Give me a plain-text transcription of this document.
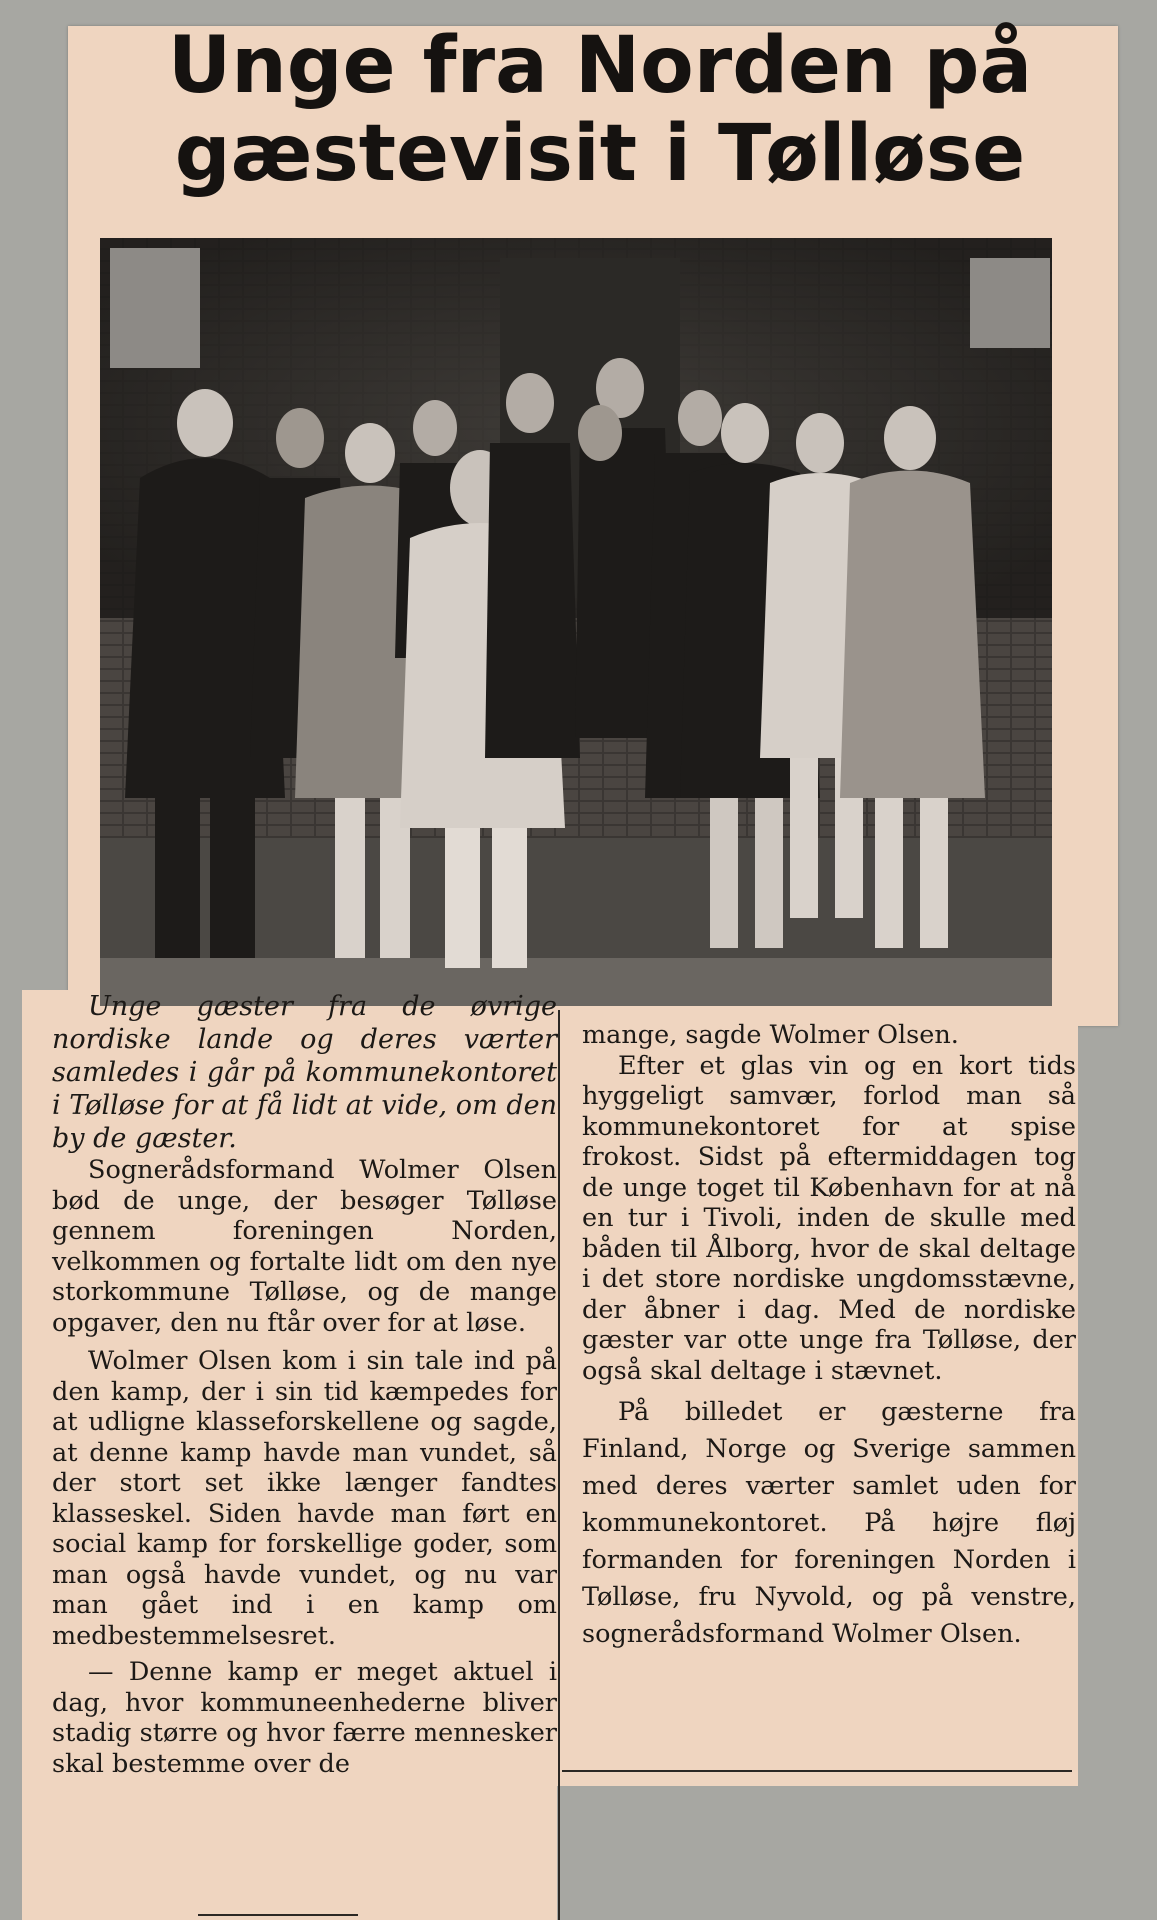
Unge fra Norden på
gæstevisit i Tølløse

Unge gæster fra de øvrige nordiske lande og deres værter samledes i går på kommunekontoret i Tølløse for at få lidt at vide, om den by de gæster.

Sognerådsformand Wolmer Olsen bød de unge, der besøger Tølløse gennem foreningen Norden, velkommen og fortalte lidt om den nye storkommune Tølløse, og de mange opgaver, den nu ftår over for at løse.

Wolmer Olsen kom i sin tale ind på den kamp, der i sin tid kæmpedes for at udligne klasseforskellene og sagde, at denne kamp havde man vundet, så der stort set ikke længer fandtes klasseskel. Siden havde man ført en social kamp for forskellige goder, som man også havde vundet, og nu var man gået ind i en kamp om medbestemmelsesret.

— Denne kamp er meget aktuel i dag, hvor kommuneenhederne bliver stadig større og hvor færre mennesker skal bestemme over de

mange, sagde Wolmer Olsen.

Efter et glas vin og en kort tids hyggeligt samvær, forlod man så kommunekontoret for at spise frokost. Sidst på eftermiddagen tog de unge toget til København for at nå en tur i Tivoli, inden de skulle med båden til Ålborg, hvor de skal deltage i det store nordiske ungdomsstævne, der åbner i dag. Med de nordiske gæster var otte unge fra Tølløse, der også skal deltage i stævnet.

På billedet er gæsterne fra Finland, Norge og Sverige sammen med deres værter samlet uden for kommunekontoret. På højre fløj formanden for foreningen Norden i Tølløse, fru Nyvold, og på venstre, sognerådsformand Wolmer Olsen.
